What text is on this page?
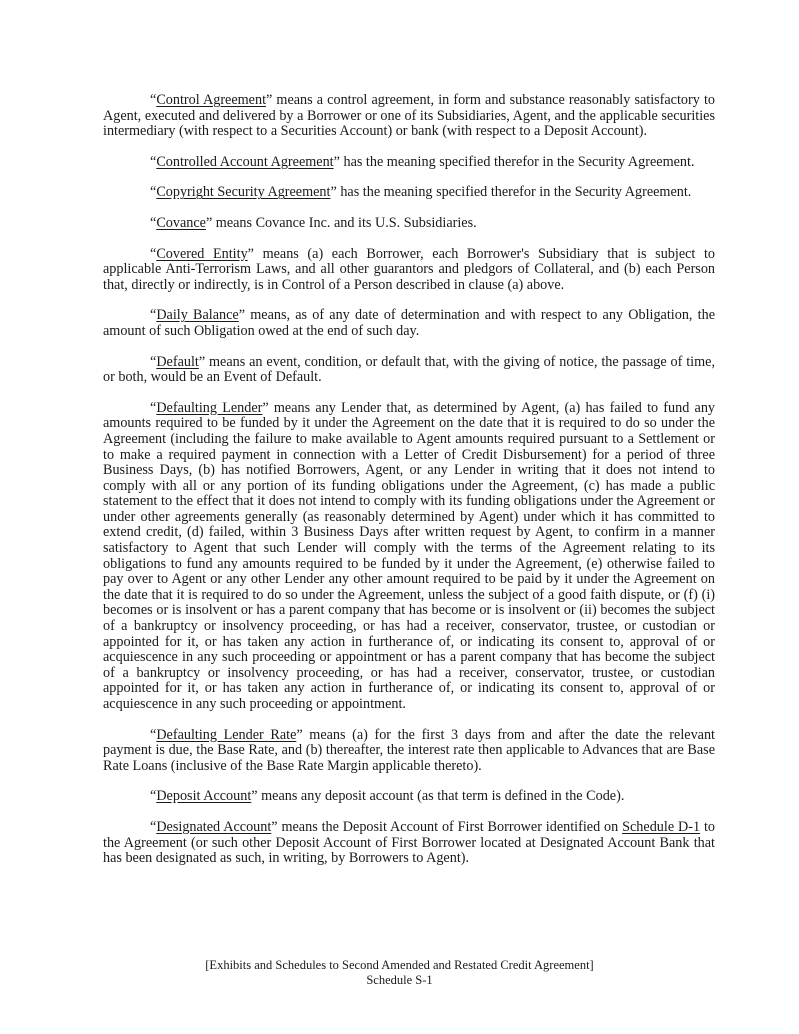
“Control Agreement” means a control agreement, in form and substance reasonably satisfactory to Agent, executed and delivered by a Borrower or one of its Subsidiaries, Agent, and the applicable securities intermediary (with respect to a Securities Account) or bank (with respect to a Deposit Account).

“Controlled Account Agreement” has the meaning specified therefor in the Security Agreement.

“Copyright Security Agreement” has the meaning specified therefor in the Security Agreement.

“Covance” means Covance Inc. and its U.S. Subsidiaries.

“Covered Entity” means (a) each Borrower, each Borrower's Subsidiary that is subject to applicable Anti-Terrorism Laws, and all other guarantors and pledgors of Collateral, and (b) each Person that, directly or indirectly, is in Control of a Person described in clause (a) above.

“Daily Balance” means, as of any date of determination and with respect to any Obligation, the amount of such Obligation owed at the end of such day.

“Default” means an event, condition, or default that, with the giving of notice, the passage of time, or both, would be an Event of Default.

“Defaulting Lender” means any Lender that, as determined by Agent, (a) has failed to fund any amounts required to be funded by it under the Agreement on the date that it is required to do so under the Agreement (including the failure to make available to Agent amounts required pursuant to a Settlement or to make a required payment in connection with a Letter of Credit Disbursement) for a period of three Business Days, (b) has notified Borrowers, Agent, or any Lender in writing that it does not intend to comply with all or any portion of its funding obligations under the Agreement, (c) has made a public statement to the effect that it does not intend to comply with its funding obligations under the Agreement or under other agreements generally (as reasonably determined by Agent) under which it has committed to extend credit, (d) failed, within 3 Business Days after written request by Agent, to confirm in a manner satisfactory to Agent that such Lender will comply with the terms of the Agreement relating to its obligations to fund any amounts required to be funded by it under the Agreement, (e) otherwise failed to pay over to Agent or any other Lender any other amount required to be paid by it under the Agreement on the date that it is required to do so under the Agreement, unless the subject of a good faith dispute, or (f) (i) becomes or is insolvent or has a parent company that has become or is insolvent or (ii) becomes the subject of a bankruptcy or insolvency proceeding, or has had a receiver, conservator, trustee, or custodian or appointed for it, or has taken any action in furtherance of, or indicating its consent to, approval of or acquiescence in any such proceeding or appointment or has a parent company that has become the subject of a bankruptcy or insolvency proceeding, or has had a receiver, conservator, trustee, or custodian appointed for it, or has taken any action in furtherance of, or indicating its consent to, approval of or acquiescence in any such proceeding or appointment.

“Defaulting Lender Rate” means (a) for the first 3 days from and after the date the relevant payment is due, the Base Rate, and (b) thereafter, the interest rate then applicable to Advances that are Base Rate Loans (inclusive of the Base Rate Margin applicable thereto).

“Deposit Account” means any deposit account (as that term is defined in the Code).

“Designated Account” means the Deposit Account of First Borrower identified on Schedule D-1 to the Agreement (or such other Deposit Account of First Borrower located at Designated Account Bank that has been designated as such, in writing, by Borrowers to Agent).

[Exhibits and Schedules to Second Amended and Restated Credit Agreement]
Schedule S-1
